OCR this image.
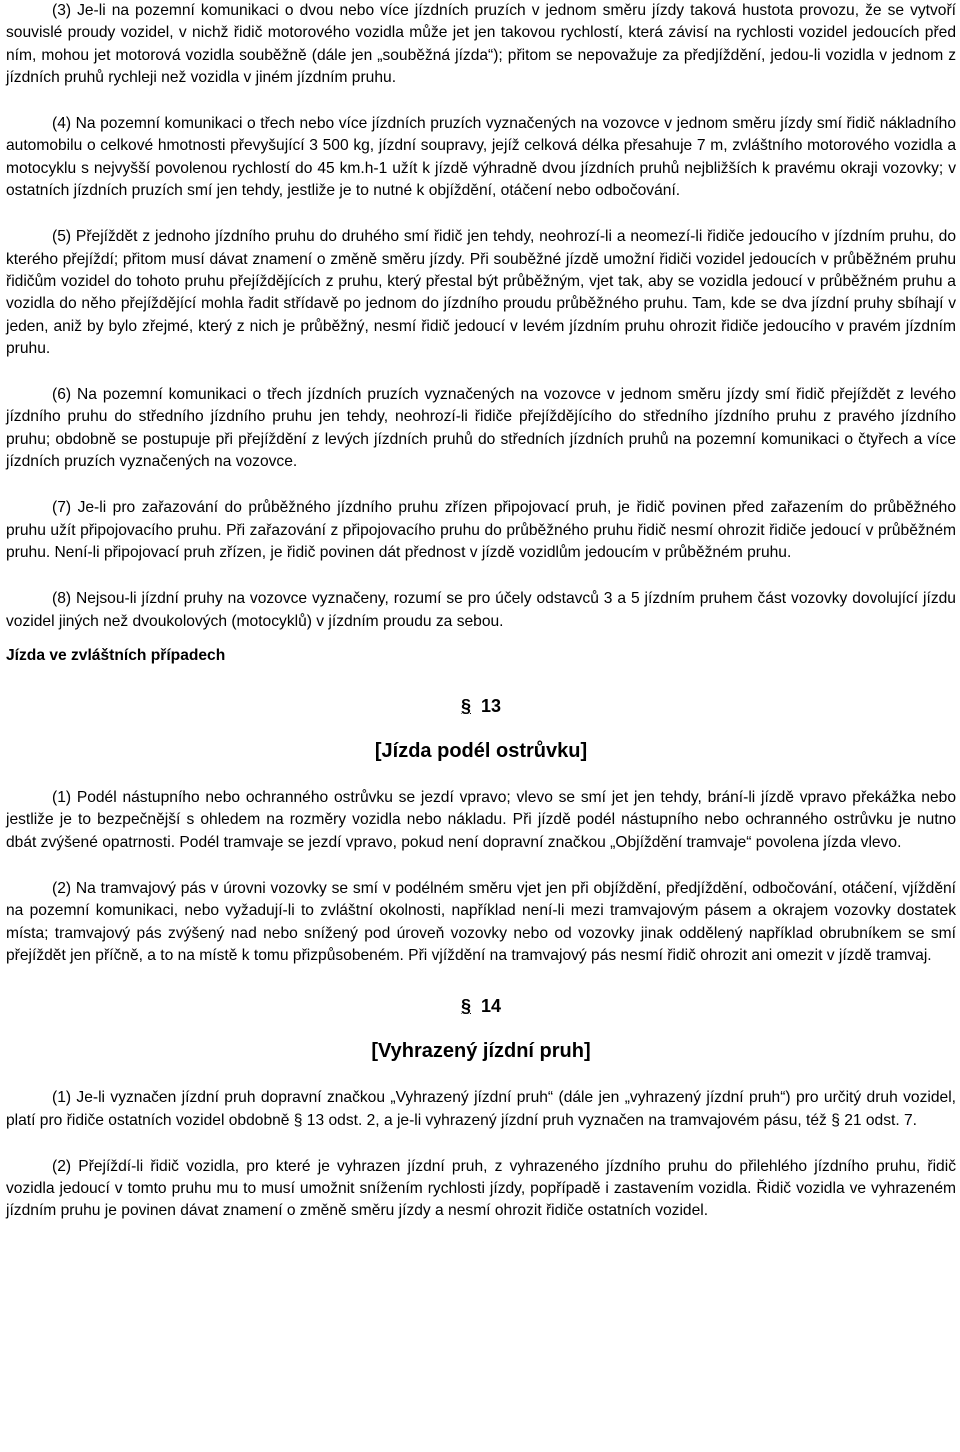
(3) Je-li na pozemní komunikaci o dvou nebo více jízdních pruzích v jednom směru jízdy taková hustota provozu, že se vytvoří souvislé proudy vozidel, v nichž řidič motorového vozidla může jet jen takovou rychlostí, která závisí na rychlosti vozidel jedoucích před ním, mohou jet motorová vozidla souběžně (dále jen „souběžná jízda“); přitom se nepovažuje za předjíždění, jedou-li vozidla v jednom z jízdních pruhů rychleji než vozidla v jiném jízdním pruhu.

(4) Na pozemní komunikaci o třech nebo více jízdních pruzích vyznačených na vozovce v jednom směru jízdy smí řidič nákladního automobilu o celkové hmotnosti převyšující 3 500 kg, jízdní soupravy, jejíž celková délka přesahuje 7 m, zvláštního motorového vozidla a motocyklu s nejvyšší povolenou rychlostí do 45 km.h-1 užít k jízdě výhradně dvou jízdních pruhů nejbližších k pravému okraji vozovky; v ostatních jízdních pruzích smí jen tehdy, jestliže je to nutné k objíždění, otáčení nebo odbočování.

(5) Přejíždět z jednoho jízdního pruhu do druhého smí řidič jen tehdy, neohrozí-li a neomezí-li řidiče jedoucího v jízdním pruhu, do kterého přejíždí; přitom musí dávat znamení o změně směru jízdy. Při souběžné jízdě umožní řidiči vozidel jedoucích v průběžném pruhu řidičům vozidel do tohoto pruhu přejíždějících z pruhu, který přestal být průběžným, vjet tak, aby se vozidla jedoucí v průběžném pruhu a vozidla do něho přejíždějící mohla řadit střídavě po jednom do jízdního proudu průběžného pruhu. Tam, kde se dva jízdní pruhy sbíhají v jeden, aniž by bylo zřejmé, který z nich je průběžný, nesmí řidič jedoucí v levém jízdním pruhu ohrozit řidiče jedoucího v pravém jízdním pruhu.

(6) Na pozemní komunikaci o třech jízdních pruzích vyznačených na vozovce v jednom směru jízdy smí řidič přejíždět z levého jízdního pruhu do středního jízdního pruhu jen tehdy, neohrozí-li řidiče přejíždějícího do středního jízdního pruhu z pravého jízdního pruhu; obdobně se postupuje při přejíždění z levých jízdních pruhů do středních jízdních pruhů na pozemní komunikaci o čtyřech a více jízdních pruzích vyznačených na vozovce.

(7) Je-li pro zařazování do průběžného jízdního pruhu zřízen připojovací pruh, je řidič povinen před zařazením do průběžného pruhu užít připojovacího pruhu. Při zařazování z připojovacího pruhu do průběžného pruhu řidič nesmí ohrozit řidiče jedoucí v průběžném pruhu. Není-li připojovací pruh zřízen, je řidič povinen dát přednost v jízdě vozidlům jedoucím v průběžném pruhu.

(8) Nejsou-li jízdní pruhy na vozovce vyznačeny, rozumí se pro účely odstavců 3 a 5 jízdním pruhem část vozovky dovolující jízdu vozidel jiných než dvoukolových (motocyklů) v jízdním proudu za sebou.

Jízda ve zvláštních případech

§ 13
[Jízda podél ostrůvku]

(1) Podél nástupního nebo ochranného ostrůvku se jezdí vpravo; vlevo se smí jet jen tehdy, brání-li jízdě vpravo překážka nebo jestliže je to bezpečnější s ohledem na rozměry vozidla nebo nákladu. Při jízdě podél nástupního nebo ochranného ostrůvku je nutno dbát zvýšené opatrnosti. Podél tramvaje se jezdí vpravo, pokud není dopravní značkou „Objíždění tramvaje“ povolena jízda vlevo.

(2) Na tramvajový pás v úrovni vozovky se smí v podélném směru vjet jen při objíždění, předjíždění, odbočování, otáčení, vjíždění na pozemní komunikaci, nebo vyžadují-li to zvláštní okolnosti, například není-li mezi tramvajovým pásem a okrajem vozovky dostatek místa; tramvajový pás zvýšený nad nebo snížený pod úroveň vozovky nebo od vozovky jinak oddělený například obrubníkem se smí přejíždět jen příčně, a to na místě k tomu přizpůsobeném. Při vjíždění na tramvajový pás nesmí řidič ohrozit ani omezit v jízdě tramvaj.

§ 14
[Vyhrazený jízdní pruh]

(1) Je-li vyznačen jízdní pruh dopravní značkou „Vyhrazený jízdní pruh“ (dále jen „vyhrazený jízdní pruh“) pro určitý druh vozidel, platí pro řidiče ostatních vozidel obdobně § 13 odst. 2, a je-li vyhrazený jízdní pruh vyznačen na tramvajovém pásu, též § 21 odst. 7.

(2) Přejíždí-li řidič vozidla, pro které je vyhrazen jízdní pruh, z vyhrazeného jízdního pruhu do přilehlého jízdního pruhu, řidič vozidla jedoucí v tomto pruhu mu to musí umožnit snížením rychlosti jízdy, popřípadě i zastavením vozidla. Řidič vozidla ve vyhrazeném jízdním pruhu je povinen dávat znamení o změně směru jízdy a nesmí ohrozit řidiče ostatních vozidel.
